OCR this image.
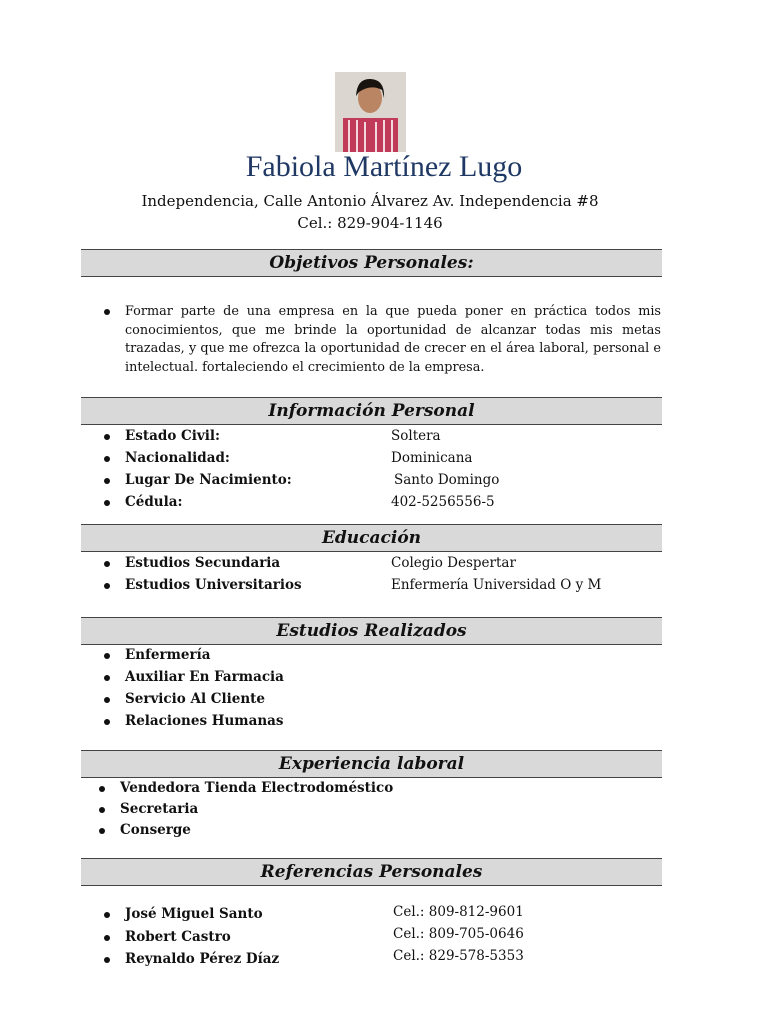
Fabiola Martínez Lugo
Independencia, Calle Antonio Álvarez Av. Independencia #8
Cel.: 829-904-1146
Objetivos Personales:
Formar parte de una empresa en la que pueda poner en práctica todos mis conocimientos, que me brinde la oportunidad de alcanzar todas mis metas trazadas, y que me ofrezca la oportunidad de crecer en el área laboral, personal e intelectual. fortaleciendo el crecimiento de la empresa.
Información Personal
Estado Civil:	Soltera
Nacionalidad:	Dominicana
Lugar De Nacimiento:	Santo Domingo
Cédula:	402-5256556-5
Educación
Estudios Secundaria	Colegio Despertar
Estudios Universitarios	Enfermería Universidad O y M
Estudios Realizados
Enfermería
Auxiliar En Farmacia
Servicio Al Cliente
Relaciones Humanas
Experiencia laboral
Vendedora Tienda Electrodoméstico
Secretaria
Conserge
Referencias Personales
José Miguel Santo	Cel.: 809-812-9601
Robert Castro	Cel.: 809-705-0646
Reynaldo Pérez Díaz	Cel.: 829-578-5353
